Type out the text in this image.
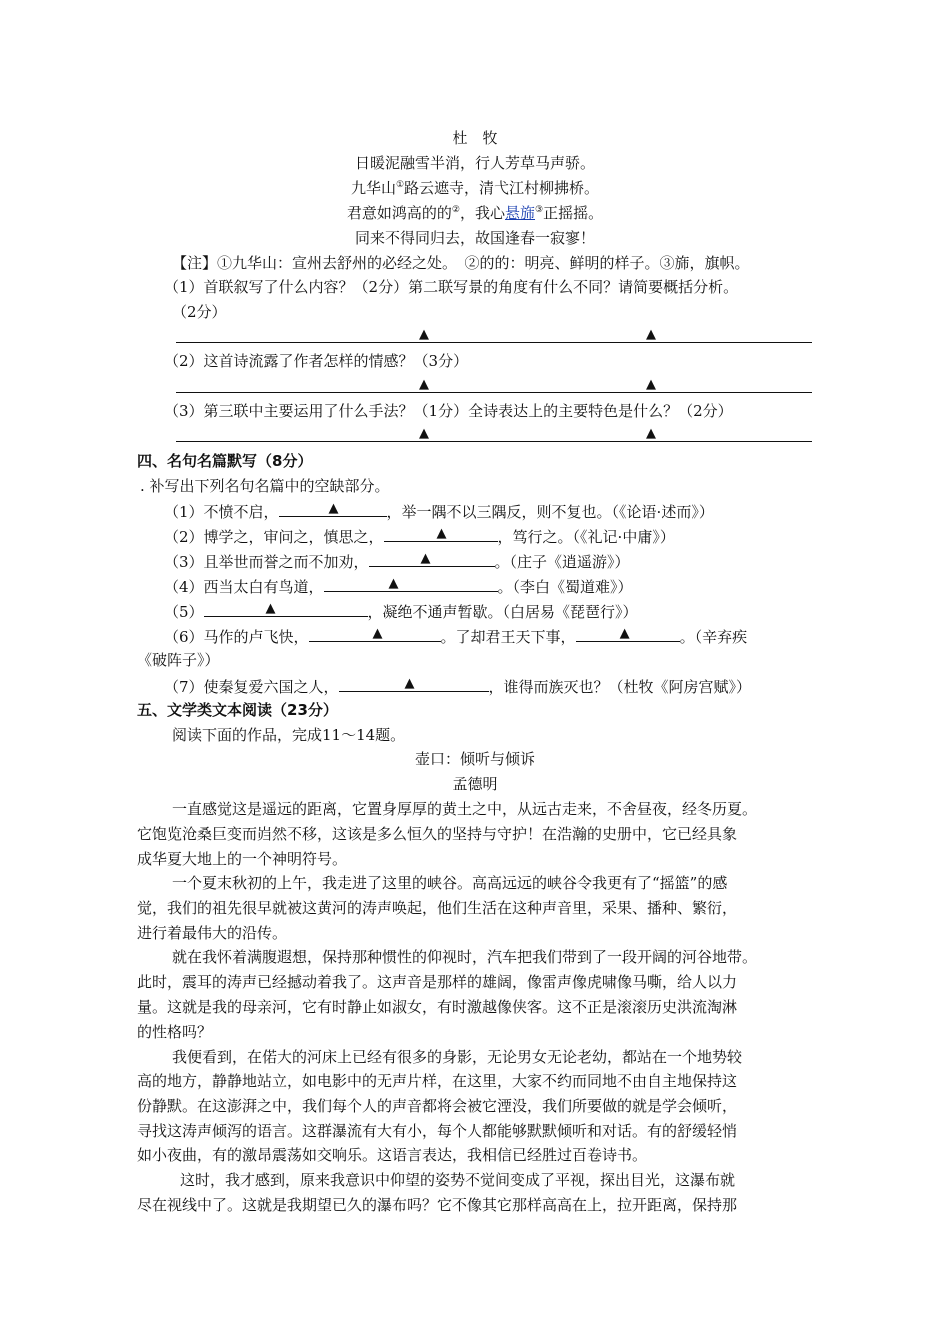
杜　牧
日暖泥融雪半消，行人芳草马声骄。
九华山①路云遮寺，清弋江村柳拂桥。
君意如鸿高的的②，我心悬旆③正摇摇。
同来不得同归去，故国逢春一寂寥！
【注】①九华山：宣州去舒州的必经之处。　②的的：明亮、鲜明的样子。③旆，旗帜。
（1）首联叙写了什么内容？（2分）第二联写景的角度有什么不同？请简要概括分析。
（2分）
▲	▲
（2）这首诗流露了作者怎样的情感？（3分）
▲	▲
（3）第三联中主要运用了什么手法？（1分）全诗表达上的主要特色是什么？（2分）
▲	▲
四、名句名篇默写（8分）
. 补写出下列名句名篇中的空缺部分。
（1）不愤不启，	▲	，举一隅不以三隅反，则不复也。（《论语·述而》）
（2）博学之，审问之，慎思之，	▲	，笃行之。（《礼记·中庸》）
（3）且举世而誉之而不加劝，	▲	。（庄子《逍遥游》）
（4）西当太白有鸟道，	▲	。（李白《蜀道难》）
（5）	▲	，凝绝不通声暂歇。（白居易《琵琶行》）
（6）马作的卢飞快，	▲	。了却君王天下事，	▲	。（辛弃疾
《破阵子》）
（7）使秦复爱六国之人，	▲	，谁得而族灭也？（杜牧《阿房宫赋》）
五、文学类文本阅读（23分）
阅读下面的作品，完成11～14题。
壶口：倾听与倾诉
孟德明
一直感觉这是遥远的距离，它置身厚厚的黄土之中，从远古走来，不舍昼夜，经冬历夏。
它饱览沧桑巨变而岿然不移，这该是多么恒久的坚持与守护！在浩瀚的史册中，它已经具象
成华夏大地上的一个神明符号。
一个夏末秋初的上午，我走进了这里的峡谷。高高远远的峡谷令我更有了“摇篮”的感
觉，我们的祖先很早就被这黄河的涛声唤起，他们生活在这种声音里，采果、播种、繁衍，
进行着最伟大的沿传。
就在我怀着满腹遐想，保持那种惯性的仰视时，汽车把我们带到了一段开阔的河谷地带。
此时，震耳的涛声已经撼动着我了。这声音是那样的雄阔，像雷声像虎啸像马嘶，给人以力
量。这就是我的母亲河，它有时静止如淑女，有时激越像侠客。这不正是滚滚历史洪流淘淋
的性格吗？
我便看到，在偌大的河床上已经有很多的身影，无论男女无论老幼，都站在一个地势较
高的地方，静静地站立，如电影中的无声片样，在这里，大家不约而同地不由自主地保持这
份静默。在这澎湃之中，我们每个人的声音都将会被它湮没，我们所要做的就是学会倾听，
寻找这涛声倾泻的语言。这群瀑流有大有小，每个人都能够默默倾听和对话。有的舒缓轻悄
如小夜曲，有的激昂震荡如交响乐。这语言表达，我相信已经胜过百卷诗书。
这时，我才感到，原来我意识中仰望的姿势不觉间变成了平视，探出目光，这瀑布就
尽在视线中了。这就是我期望已久的瀑布吗？它不像其它那样高高在上，拉开距离，保持那
